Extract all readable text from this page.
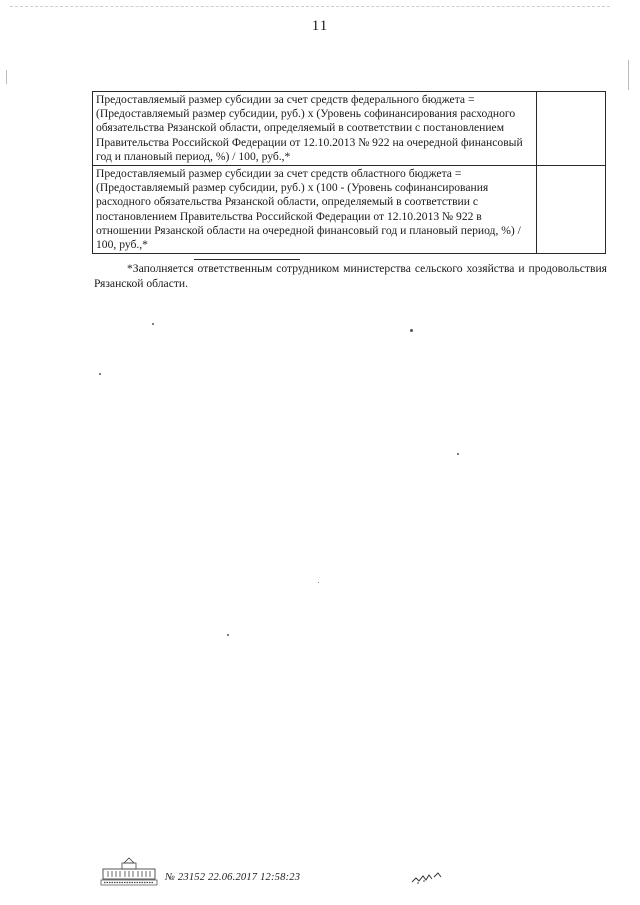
11
Предоставляемый размер субсидии за счет средств федерального бюджета = (Предоставляемый размер субсидии, руб.) х (Уровень софинансирования расходного обязательства Рязанской области, определяемый в соответствии с постановлением Правительства Российской Федерации от 12.10.2013 № 922 на очередной финансовый год и плановый период, %) / 100, руб.,*	
Предоставляемый размер субсидии за счет средств областного бюджета = (Предоставляемый размер субсидии, руб.) х (100 - (Уровень софинансирования расходного обязательства Рязанской области, определяемый в соответствии с постановлением Правительства Российской Федерации от 12.10.2013 № 922 в отношении Рязанской области на очередной финансовый год и плановый период, %) / 100, руб.,*	
*Заполняется ответственным сотрудником министерства сельского хозяйства и продовольствия Рязанской области.
№ 23152 22.06.2017 12:58:23
